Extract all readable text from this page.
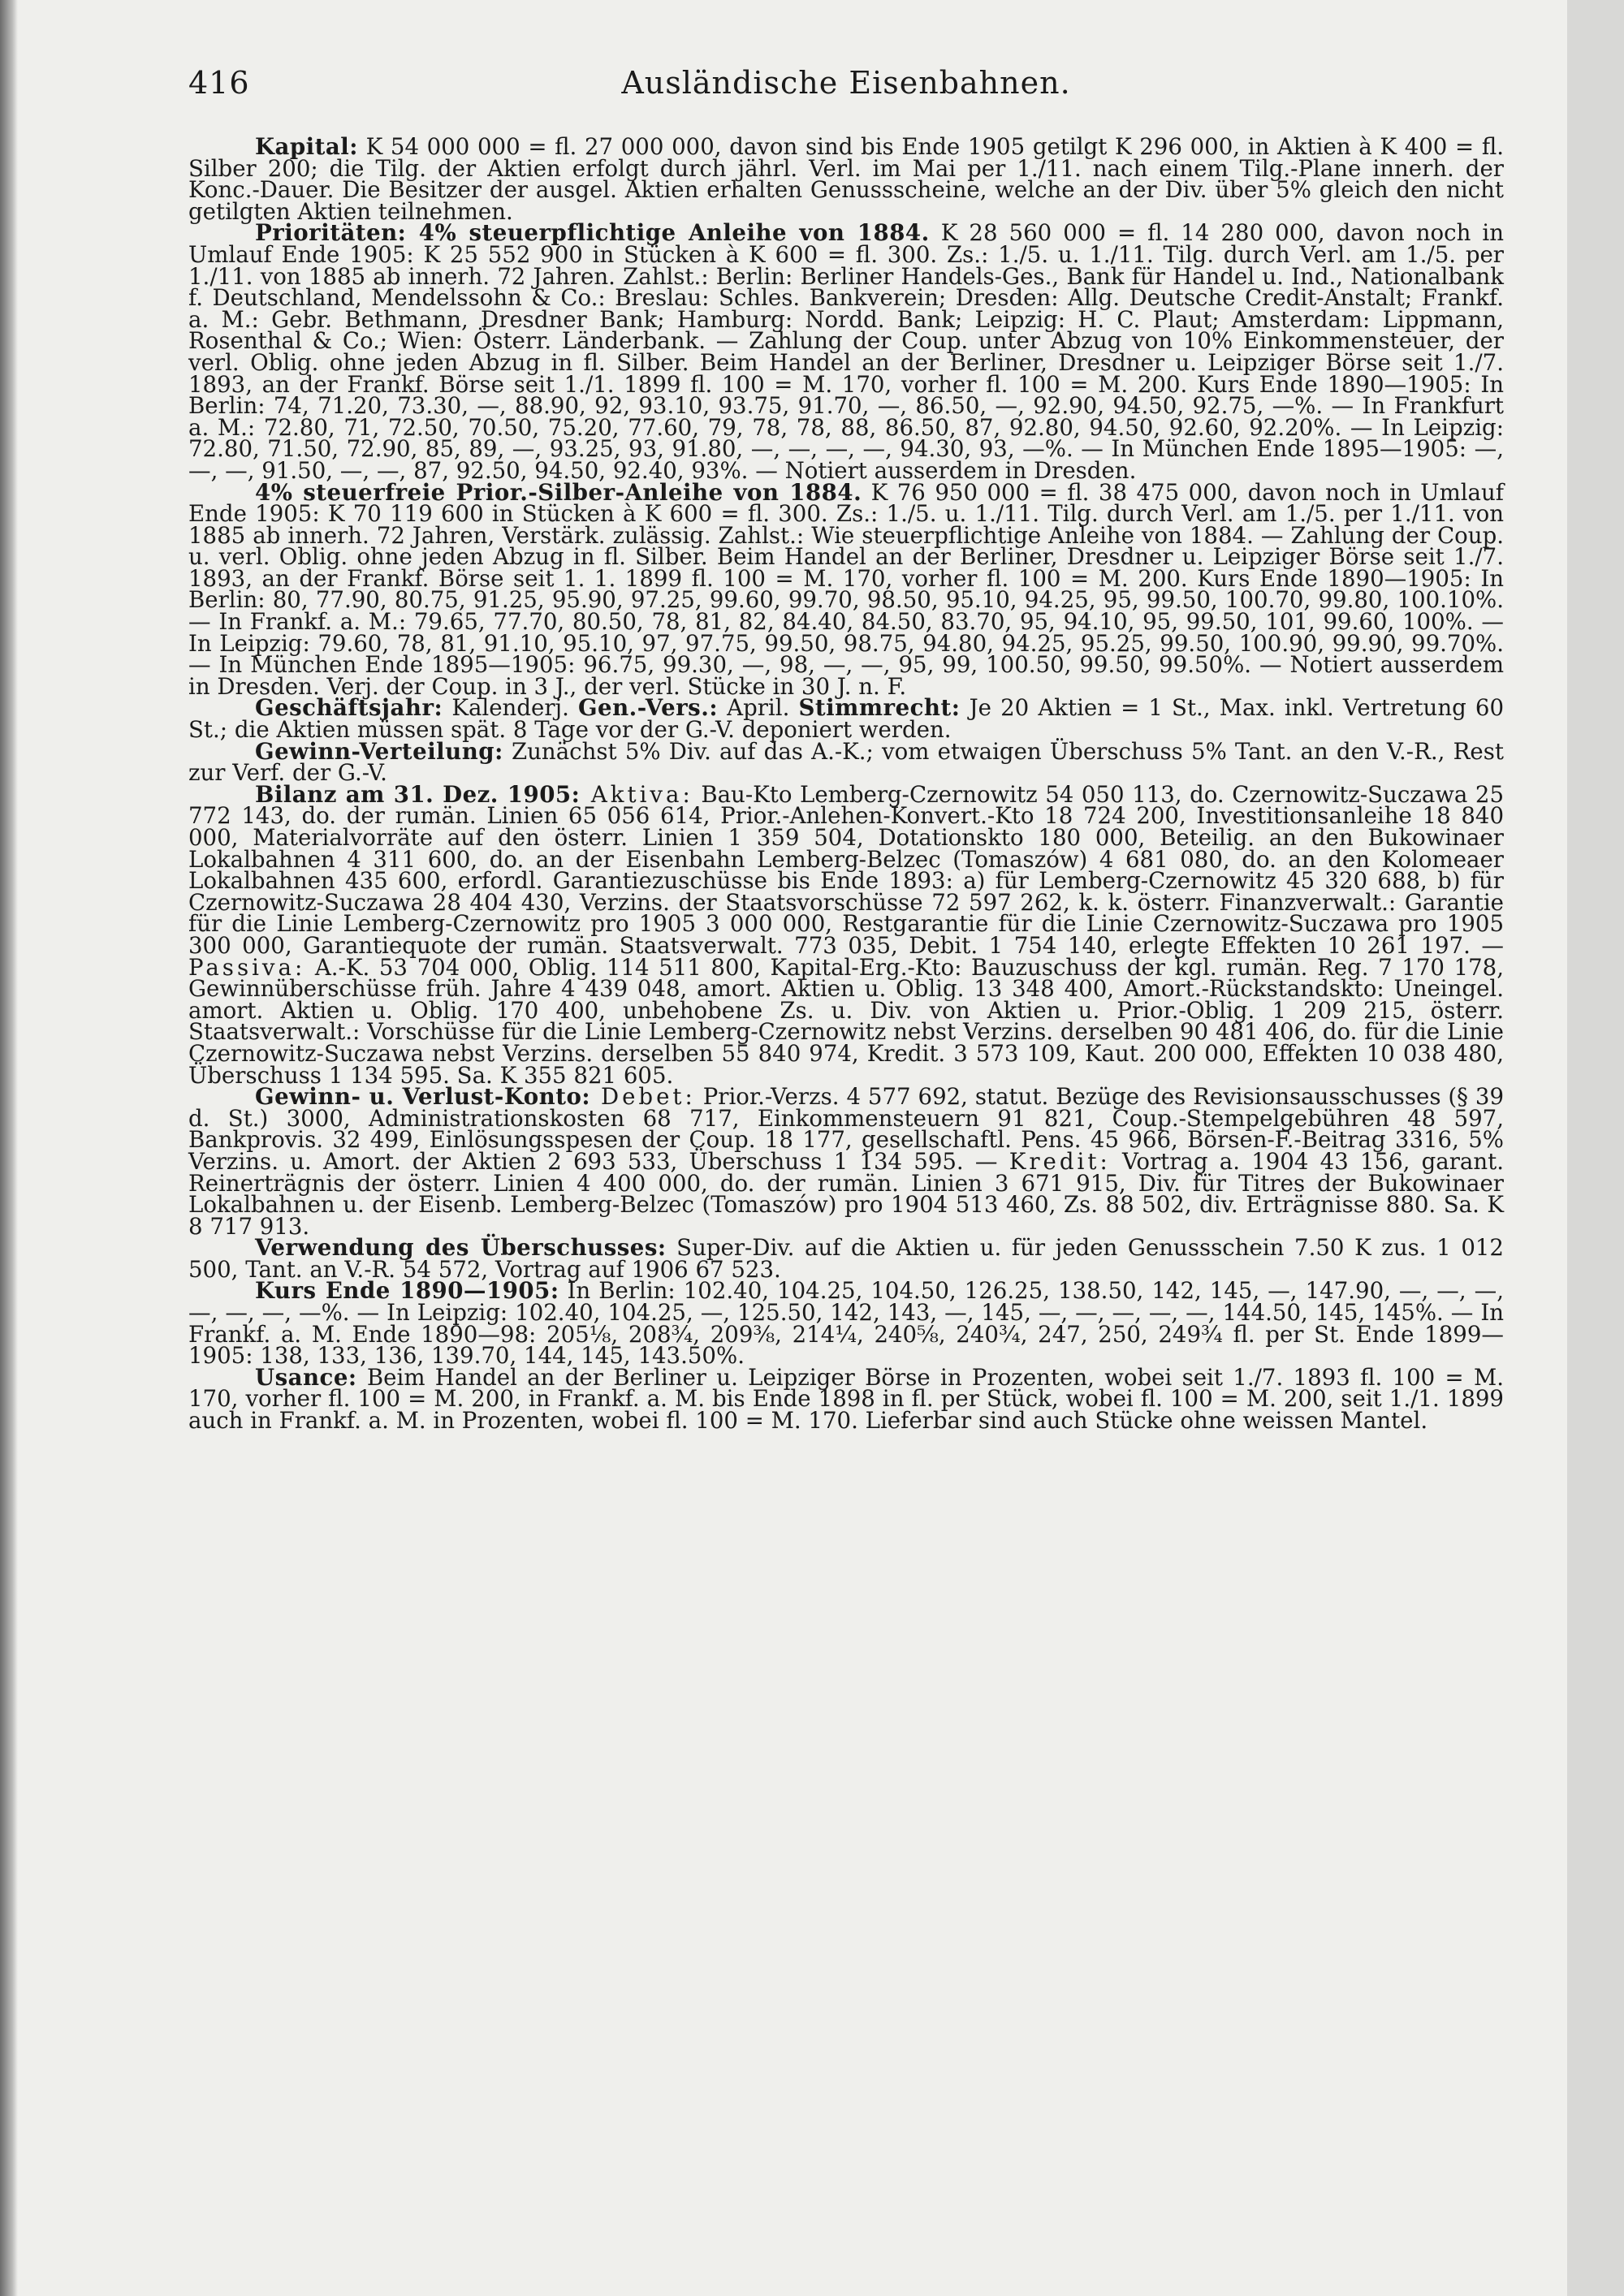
416	Ausländische Eisenbahnen.

Kapital: K 54 000 000 = fl. 27 000 000, davon sind bis Ende 1905 getilgt K 296 000, in Aktien à K 400 = fl. Silber 200; die Tilg. der Aktien erfolgt durch jährl. Verl. im Mai per 1./11. nach einem Tilg.-Plane innerh. der Konc.-Dauer. Die Besitzer der ausgel. Aktien erhalten Genussscheine, welche an der Div. über 5% gleich den nicht getilgten Aktien teilnehmen.

Prioritäten: 4% steuerpflichtige Anleihe von 1884. K 28 560 000 = fl. 14 280 000, davon noch in Umlauf Ende 1905: K 25 552 900 in Stücken à K 600 = fl. 300. Zs.: 1./5. u. 1./11. Tilg. durch Verl. am 1./5. per 1./11. von 1885 ab innerh. 72 Jahren. Zahlst.: Berlin: Berliner Handels-Ges., Bank für Handel u. Ind., Nationalbank f. Deutschland, Mendelssohn & Co.: Breslau: Schles. Bankverein; Dresden: Allg. Deutsche Credit-Anstalt; Frankf. a. M.: Gebr. Bethmann, Dresdner Bank; Hamburg: Nordd. Bank; Leipzig: H. C. Plaut; Amsterdam: Lippmann, Rosenthal & Co.; Wien: Österr. Länderbank. — Zahlung der Coup. unter Abzug von 10% Einkommensteuer, der verl. Oblig. ohne jeden Abzug in fl. Silber. Beim Handel an der Berliner, Dresdner u. Leipziger Börse seit 1./7. 1893, an der Frankf. Börse seit 1./1. 1899 fl. 100 = M. 170, vorher fl. 100 = M. 200. Kurs Ende 1890—1905: In Berlin: 74, 71.20, 73.30, —, 88.90, 92, 93.10, 93.75, 91.70, —, 86.50, —, 92.90, 94.50, 92.75, —%. — In Frankfurt a. M.: 72.80, 71, 72.50, 70.50, 75.20, 77.60, 79, 78, 78, 88, 86.50, 87, 92.80, 94.50, 92.60, 92.20%. — In Leipzig: 72.80, 71.50, 72.90, 85, 89, —, 93.25, 93, 91.80, —, —, —, —, 94.30, 93, —%. — In München Ende 1895—1905: —, —, —, 91.50, —, —, 87, 92.50, 94.50, 92.40, 93%. — Notiert ausserdem in Dresden.

4% steuerfreie Prior.-Silber-Anleihe von 1884. K 76 950 000 = fl. 38 475 000, davon noch in Umlauf Ende 1905: K 70 119 600 in Stücken à K 600 = fl. 300. Zs.: 1./5. u. 1./11. Tilg. durch Verl. am 1./5. per 1./11. von 1885 ab innerh. 72 Jahren, Verstärk. zulässig. Zahlst.: Wie steuerpflichtige Anleihe von 1884. — Zahlung der Coup. u. verl. Oblig. ohne jeden Abzug in fl. Silber. Beim Handel an der Berliner, Dresdner u. Leipziger Börse seit 1./7. 1893, an der Frankf. Börse seit 1. 1. 1899 fl. 100 = M. 170, vorher fl. 100 = M. 200. Kurs Ende 1890—1905: In Berlin: 80, 77.90, 80.75, 91.25, 95.90, 97.25, 99.60, 99.70, 98.50, 95.10, 94.25, 95, 99.50, 100.70, 99.80, 100.10%. — In Frankf. a. M.: 79.65, 77.70, 80.50, 78, 81, 82, 84.40, 84.50, 83.70, 95, 94.10, 95, 99.50, 101, 99.60, 100%. — In Leipzig: 79.60, 78, 81, 91.10, 95.10, 97, 97.75, 99.50, 98.75, 94.80, 94.25, 95.25, 99.50, 100.90, 99.90, 99.70%. — In München Ende 1895—1905: 96.75, 99.30, —, 98, —, —, 95, 99, 100.50, 99.50, 99.50%. — Notiert ausserdem in Dresden. Verj. der Coup. in 3 J., der verl. Stücke in 30 J. n. F.

Geschäftsjahr: Kalenderj. Gen.-Vers.: April. Stimmrecht: Je 20 Aktien = 1 St., Max. inkl. Vertretung 60 St.; die Aktien müssen spät. 8 Tage vor der G.-V. deponiert werden.

Gewinn-Verteilung: Zunächst 5% Div. auf das A.-K.; vom etwaigen Überschuss 5% Tant. an den V.-R., Rest zur Verf. der G.-V.

Bilanz am 31. Dez. 1905: Aktiva: Bau-Kto Lemberg-Czernowitz 54 050 113, do. Czernowitz-Suczawa 25 772 143, do. der rumän. Linien 65 056 614, Prior.-Anlehen-Konvert.-Kto 18 724 200, Investitionsanleihe 18 840 000, Materialvorräte auf den österr. Linien 1 359 504, Dotationskto 180 000, Beteilig. an den Bukowinaer Lokalbahnen 4 311 600, do. an der Eisenbahn Lemberg-Belzec (Tomaszów) 4 681 080, do. an den Kolomeaer Lokalbahnen 435 600, erfordl. Garantiezuschüsse bis Ende 1893: a) für Lemberg-Czernowitz 45 320 688, b) für Czernowitz-Suczawa 28 404 430, Verzins. der Staatsvorschüsse 72 597 262, k. k. österr. Finanzverwalt.: Garantie für die Linie Lemberg-Czernowitz pro 1905 3 000 000, Restgarantie für die Linie Czernowitz-Suczawa pro 1905 300 000, Garantiequote der rumän. Staatsverwalt. 773 035, Debit. 1 754 140, erlegte Effekten 10 261 197. — Passiva: A.-K. 53 704 000, Oblig. 114 511 800, Kapital-Erg.-Kto: Bauzuschuss der kgl. rumän. Reg. 7 170 178, Gewinnüberschüsse früh. Jahre 4 439 048, amort. Aktien u. Oblig. 13 348 400, Amort.-Rückstandskto: Uneingel. amort. Aktien u. Oblig. 170 400, unbehobene Zs. u. Div. von Aktien u. Prior.-Oblig. 1 209 215, österr. Staatsverwalt.: Vorschüsse für die Linie Lemberg-Czernowitz nebst Verzins. derselben 90 481 406, do. für die Linie Czernowitz-Suczawa nebst Verzins. derselben 55 840 974, Kredit. 3 573 109, Kaut. 200 000, Effekten 10 038 480, Überschuss 1 134 595. Sa. K 355 821 605.

Gewinn- u. Verlust-Konto: Debet: Prior.-Verzs. 4 577 692, statut. Bezüge des Revisionsausschusses (§ 39 d. St.) 3000, Administrationskosten 68 717, Einkommensteuern 91 821, Coup.-Stempelgebühren 48 597, Bankprovis. 32 499, Einlösungsspesen der Coup. 18 177, gesellschaftl. Pens. 45 966, Börsen-F.-Beitrag 3316, 5% Verzins. u. Amort. der Aktien 2 693 533, Überschuss 1 134 595. — Kredit: Vortrag a. 1904 43 156, garant. Reinerträgnis der österr. Linien 4 400 000, do. der rumän. Linien 3 671 915, Div. für Titres der Bukowinaer Lokalbahnen u. der Eisenb. Lemberg-Belzec (Tomaszów) pro 1904 513 460, Zs. 88 502, div. Erträgnisse 880. Sa. K 8 717 913.

Verwendung des Überschusses: Super-Div. auf die Aktien u. für jeden Genussschein 7.50 K zus. 1 012 500, Tant. an V.-R. 54 572, Vortrag auf 1906 67 523.

Kurs Ende 1890—1905: In Berlin: 102.40, 104.25, 104.50, 126.25, 138.50, 142, 145, —, 147.90, —, —, —, —, —, —, —%. — In Leipzig: 102.40, 104.25, —, 125.50, 142, 143, —, 145, —, —, —, —, —, 144.50, 145, 145%. — In Frankf. a. M. Ende 1890—98: 205⅛, 208¾, 209⅜, 214¼, 240⅝, 240¾, 247, 250, 249¾ fl. per St. Ende 1899—1905: 138, 133, 136, 139.70, 144, 145, 143.50%.

Usance: Beim Handel an der Berliner u. Leipziger Börse in Prozenten, wobei seit 1./7. 1893 fl. 100 = M. 170, vorher fl. 100 = M. 200, in Frankf. a. M. bis Ende 1898 in fl. per Stück, wobei fl. 100 = M. 200, seit 1./1. 1899 auch in Frankf. a. M. in Prozenten, wobei fl. 100 = M. 170. Lieferbar sind auch Stücke ohne weissen Mantel.
